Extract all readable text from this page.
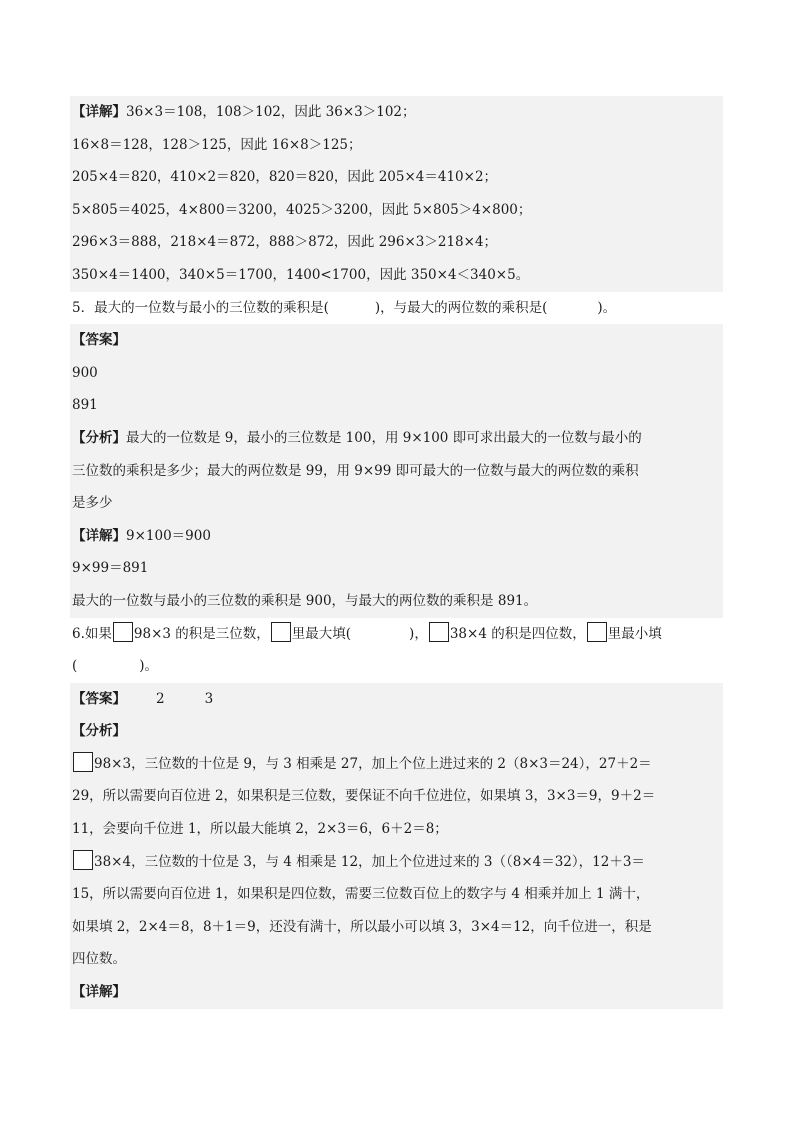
【详解】36×3＝108，108＞102，因此 36×3＞102；
16×8＝128，128＞125，因此 16×8＞125；
205×4＝820，410×2＝820，820＝820，因此 205×4＝410×2；
5×805＝4025，4×800＝3200，4025＞3200，因此 5×805＞4×800；
296×3＝888，218×4＝872，888＞872，因此 296×3＞218×4；
350×4＝1400，340×5＝1700，1400<1700，因此 350×4＜340×5。
5．最大的一位数与最小的三位数的乘积是(	)，与最大的两位数的乘积是(	)。
【答案】
900
891
【分析】最大的一位数是 9，最小的三位数是 100，用 9×100 即可求出最大的一位数与最小的
三位数的乘积是多少；最大的两位数是 99，用 9×99 即可最大的一位数与最大的两位数的乘积
是多少
【详解】9×100＝900
9×99＝891
最大的一位数与最小的三位数的乘积是 900，与最大的两位数的乘积是 891。
6.如果 98×3 的积是三位数， 里最大填(	)， 38×4 的积是四位数， 里最小填
(	)。
【答案】 2	3
【分析】
98×3，三位数的十位是 9，与 3 相乘是 27，加上个位上进过来的 2（8×3＝24），27＋2＝
29，所以需要向百位进 2，如果积是三位数，要保证不向千位进位，如果填 3，3×3＝9，9＋2＝
11，会要向千位进 1，所以最大能填 2，2×3＝6，6＋2＝8；
38×4，三位数的十位是 3，与 4 相乘是 12，加上个位进过来的 3（（8×4＝32），12＋3＝
15，所以需要向百位进 1，如果积是四位数，需要三位数百位上的数字与 4 相乘并加上 1 满十，
如果填 2，2×4＝8，8＋1＝9，还没有满十，所以最小可以填 3，3×4＝12，向千位进一，积是
四位数。
【详解】
